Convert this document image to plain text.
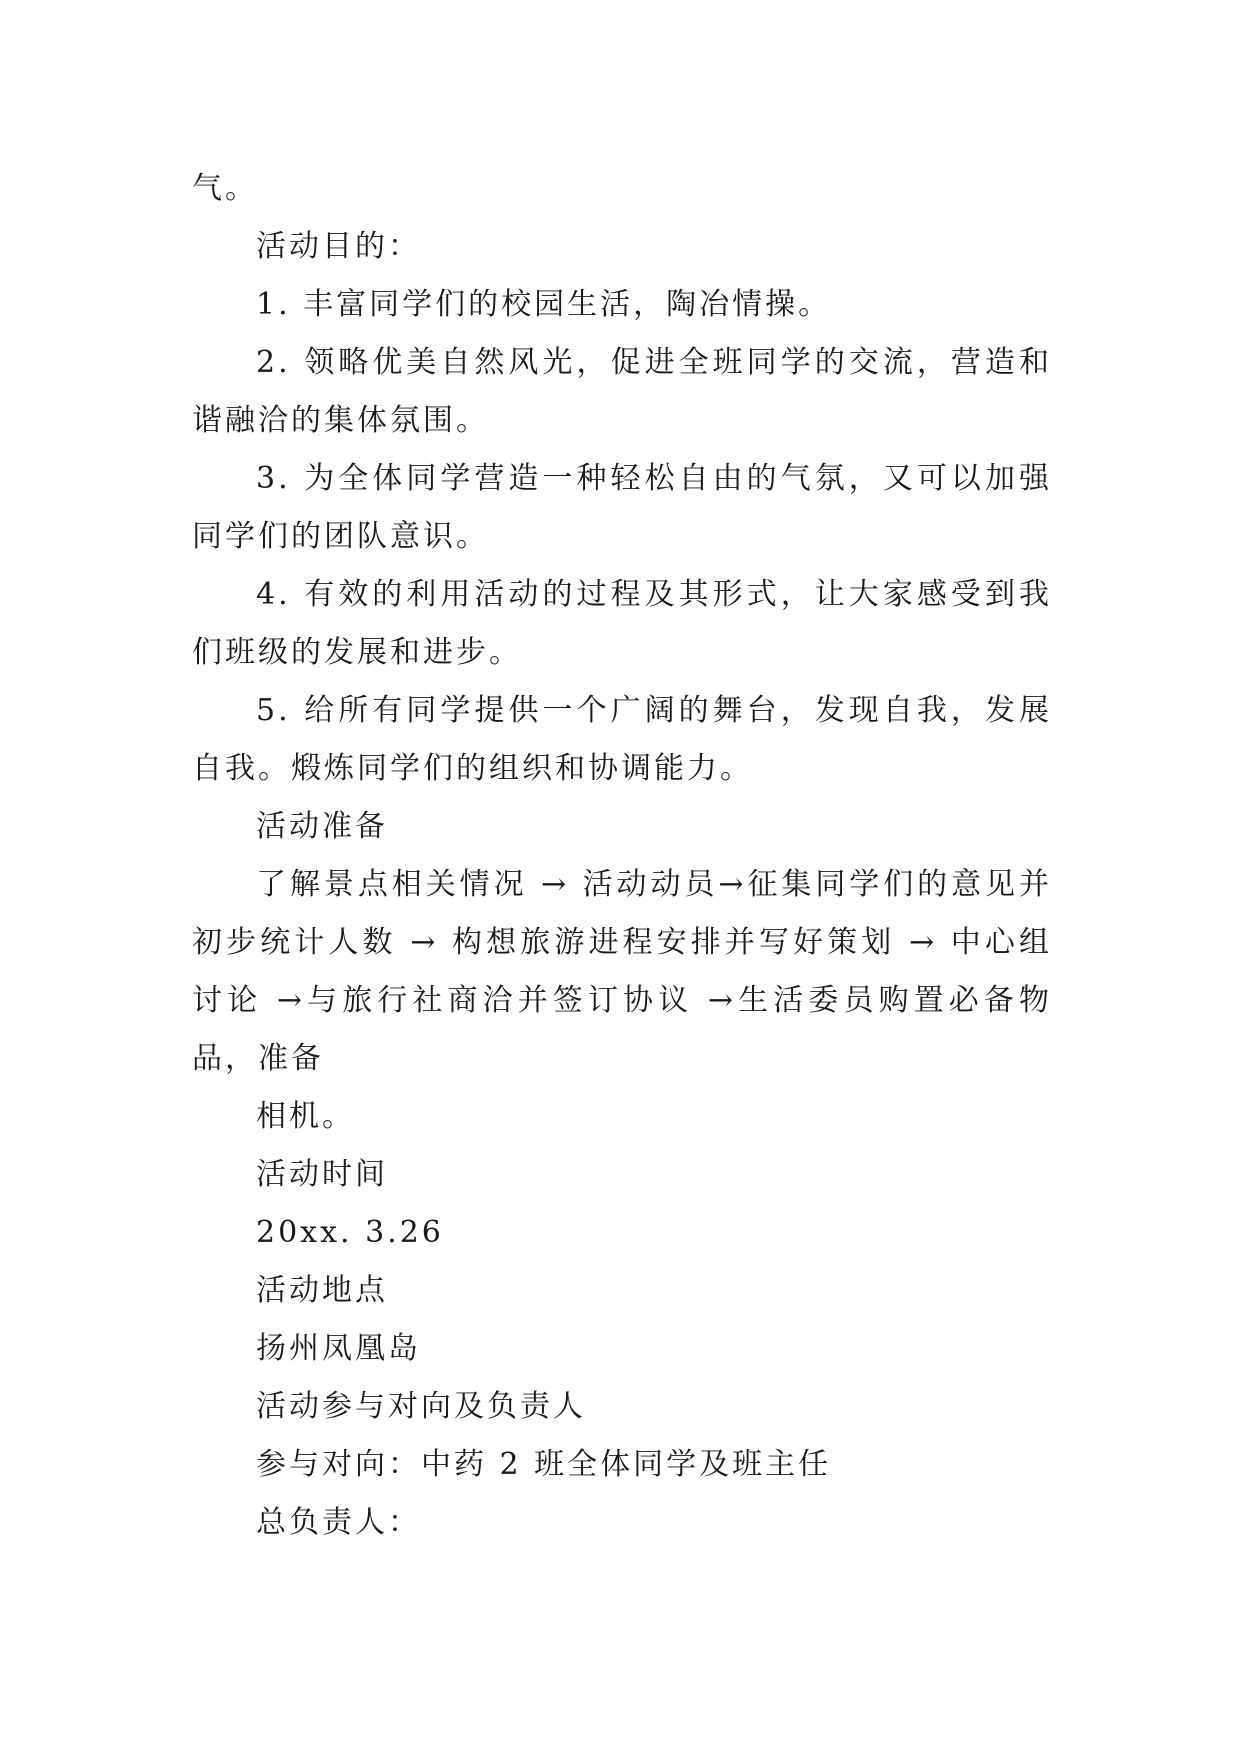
气。

活动目的：

1. 丰富同学们的校园生活，陶冶情操。

2. 领略优美自然风光，促进全班同学的交流，营造和谐融洽的集体氛围。

3. 为全体同学营造一种轻松自由的气氛，又可以加强同学们的团队意识。

4. 有效的利用活动的过程及其形式，让大家感受到我们班级的发展和进步。

5. 给所有同学提供一个广阔的舞台，发现自我，发展自我。煅炼同学们的组织和协调能力。

活动准备

了解景点相关情况 → 活动动员→征集同学们的意见并初步统计人数 → 构想旅游进程安排并写好策划 → 中心组讨论 →与旅行社商洽并签订协议 →生活委员购置必备物品，准备

相机。

活动时间

20xx. 3.26

活动地点

扬州凤凰岛

活动参与对向及负责人

参与对向：中药 2 班全体同学及班主任

总负责人：
